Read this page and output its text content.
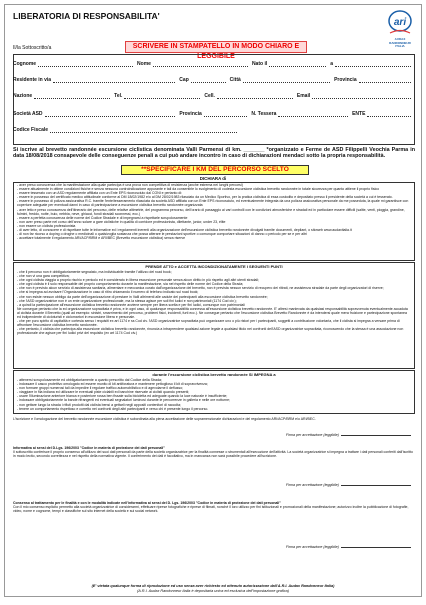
LIBERATORIA DI RESPONSABILITA'
ari
AUDAX RANDONNEUR ITALIA
Il/la Sottoscritto/a	SCRIVERE IN STAMPATELLO IN MODO CHIARO E LEGGIBILE
Cognome	Nome	Nato il	a
Residente in via	Cap	Città	Provincia
Nazione	Tel.	Cell.	Email
Società ASD	Provincia	N. Tessera	ENTE
Codice Fiscale
Si iscrive al brevetto randonnée escursione ciclistica denominata Valli Parmensi di km. _______ *organizzato e Ferme de ASD Filippelli Veochia Parma in data 18/08/2018 consapevole delle conseguenze penali a cui può andare incontro in caso di dichiarazioni mendaci sotto la propria responsabilità.
**SPECIFICARE I KM DEL PERCORSO SCELTO
DICHIARA di
- aver preso conoscenza che la manifestazione alla quale partecipa è una prova non competitiva di resistenza (anche estrema nei lunghi percorsi)
- essere attualmente in ottime condizioni fisiche e senza nessuna controindicazione appurante e tali da consentirle lo svolgimento di codesta escursione ciclistica brevetto randonnée in totale sicurezza per quanto attiene il proprio fisico
- essere tesserato con un ASD regolarmente affiliata con un Ente EPS riconosciuto dal CONI e pertanto di:
- essere in possesso del certificato medico attitudinale conforme al DM 18/02/1982 e/o al DM 28/02/1983 rilasciato da un Medico Sportivo, per la pratica ciclistica di essa custodito e depositato presso il presidente della società a cui è tesserato.
- essere in possesso di polizza assicurativa R.C. tramite l'ente/tesseramento rilasciata da società ASD affiliata con un Ente EPS riconosciuto, ed eventualmente integrata da una polizza assicurativa personale da me posseduta, la quale mi garantisce con coperture adeguate per eventuali danni in caso di partecipazione a escursione ciclistica brevetto randonnée organizzata
- aver letto e preso conoscenza dell'itinerario del percorso, delle relative altimetrie, del programma percorso, dell'orario di passaggio ai vari controlli con le condizioni atmosferiche e stradali ed in particolare essere difficili (salite, venti, pioggia, grandine, fulmini, freddo, notte, buio, nebbia, neve, ghiacci, fondi stradali sconnessi, ecc.)
- essere a perfetta conoscenza delle norme del Codice Stradale e di impegnarsi a rispettarle scrupolosamente
- non aver preso parte nel corso dell'anno solare a gare ciclistiche in qualità di corridore professionista, dilettante, junior, under 23, élite
- non essere un ciclista professionista
- di aver letto, di conoscere e di rispettare tutte le informative ed i regolamenti inerenti alla organizzazione dell'escursione ciclistica brevetto randonnée divulgati tramite documenti, depliant, o sitoweb www.audaxitalia.it
- di non far ricorso a doping o droghe o medicinali o qualsivoglia sostanza che possa alterare le prestazioni sportive o comunque comportare situazioni di danno o pericolo per se e per altri
- accettare totalmente il regolamento ARI/ACP/BRM e ARI/BEC (Brevetto escursione ciclistica) senza riserve
PRENDE ATTO e ACCETTA INCONDIZIONATAMENTE I SEGUENTI PUNTI
- che il percorso non è obbligatoriamente segnalato, ma individuabile tramite l'utilizzo del road book;
- che non vi una gara competitiva;
- che ogni ciclista viaggia a proprio rischio e pericolo ed è considerato in libera escursione personale senza alcun diritto in più rispetto agli altri utenti stradali;
- che ogni ciclista è il solo responsabile del proprio comportamento durante la manifestazione, sia nel rispetto delle norme del Codice della Strada;
- che non è previsto alcun servizio di assistenza sanitaria, alimentare e meccanica curato dall'organizzazione del brevetto, non è prevista nessun servizio di recupero dei ritirati, ne assistenza stradale da parte degli organizzatori di riserve;
- che si impegna ad avvisare l'Organizzazione in caso di ritiro chiamando il numero di telefono indicato sul road book;
- che non esiste nessun obbligo da parte dell'organizzazione di prestare in Valli altrimenti alle cadute dei partecipanti alla escursione ciclistica brevetto randonnée;
- che l'ASD organizzatrice non è un ente organizzatore professionale, ma la stessa agisce per soli fini ludici e non patrimoniali (1174 Cod civ.);
- a quindi la partecipazione all'escursione ciclistica brevetto randonnée avviene sempre per libera scelta e per fini ludici, comunque non patrimoniali
Ne consegue pertanto che la ed organizzazione sopracitata è priva, e in ogni caso, di qualunque responsabilità connessa all'escursione ciclistica brevetto randonnée. E' altresì manlevata da qualsiasi responsabilità sopravvenuta eventualmente accaduta al ciclista durante il Brevetto (quali ad esempio: sinistri, smarrimento del percorso, problemi fisici, incidenti, furti ecc.). Ne consegue pertanto che l'escursione ciclistica Brevetto Randonnée è da intendersi quale mera fruizione e partecipazione spontanea ed indipendente di cicloturisti e ciclomartori in escursione libera e personale.
- che per puro spirito di ospitalità e cortesia senso i requisiti ex art 1174 e ss Cod civ. l'ASD organizzatrice sopracitata può organizzare uno o più ristori per i partecipanti, soggetti a contribuzione volontaria, che il ciclista si impegna a versare prima di affrontare l'escursione ciclistica brevetto randonnée.
- che pertanto, il ciclista che partecipa alla escursione ciclistica brevetto randonnée, rinuncia a intraprendere qualsiasi azione legale a qualsiasi titolo nei confronti dell'ASD organizzatrice sopracitata, riconoscendo che la stessa è una associazione non professionale che agisce per fini ludici privi del requisito (ex art 1174 Cod civ.)
durante l'escursione ciclistica brevetto randonnée SI IMPEGNA a
- attenersi scrupolosamente ed obbligatoriamente a quanto prescritto dal Codice della Strada;
- indossare il casco protettivo omologato ed essere munito di kit antiforatura e mantenere pettoglioso il kit di sopravvivenza;
- non formare gruppi numerosi tali da impedire il regolare traffico automobilistico e di agevolarne il deflusso;
- viaggiare in fila indiana ed utilizzare le eventuali piste ciclabili ed banchine riservate ai ciclisti quando presenti;
- usare l'illuminazione anteriore bianca e posteriore rossa ben fissate sulla bicicletta ed adeguate quando la luce naturale è insufficiente;
- indossare obbligatoriamente la bande rifrangenti ed eventuali segnalatori luminosi durante le percorrenze in galleria e nelle ore notturne;
- non gettare lungo la strada i rifiuti prodotti dal ciclista bensì a gettarli negli appositi contenitori di raccolta;
- tenere un comportamento rispettoso e corretto nei confronti degli altri partecipanti e verso chi è presente lungo il percorso.
L'iscrizione e l'omologazione del brevetto randonnée escursione ciclistica è subordinata alla piena accettazione delle sopramenzionate dichiarazioni e del regolamento ARI/ACP/BRM e/o ARI/BEC.
Firma per accettazione (leggibile)
Informativa ai sensi del D.Lgs. 196/2003 "Codice in materia di protezione dei dati personali"
Il sottoscritto conferisce il proprio consenso all'utilizzo dei suoi dati personali da parte della società organizzatrice per la finalità connesse o strumentali all'esecuzione dell'attività. La società organizzatrice si impegna a trattare i dati personali conferiti dall'iscritto in modo lecito, secondo correttezza e nel rispetto della normativa vigente. Il conferimento dei dati è facoltativo, ma in mancanza non sarà possibile procedere all'iscrizione.
Firma per accettazione (leggibile)
Consenso al trattamento per le finalità e con le modalità indicate nell'informativa ai sensi del D. Lgs. 196/2003 "Codice in materia di protezione dei dati personali"
Con il mio consenso esplicito permetto alla società organizzatrice di considerarmi, effettuare riprese fotografiche e riprese di filmati, nonché il loro utilizzo per fini istituzionali e promozionali della manifestazione; autorizzo inoltre la pubblicazione di fotografie, video, nome e cognome, tempi e classifiche sul sito internet della società e sui social network.
Firma per accettazione (leggibile)
(E' vietata qualunque forma di riproduzione ed uso senza aver richiesto ed ottenuto autorizzazione dall'A.R.I. Audax Randonneur Italia)
(A.R.I. Audax Randonneur Italia è depositaria unica ed esclusiva dell'impostazione grafica)
